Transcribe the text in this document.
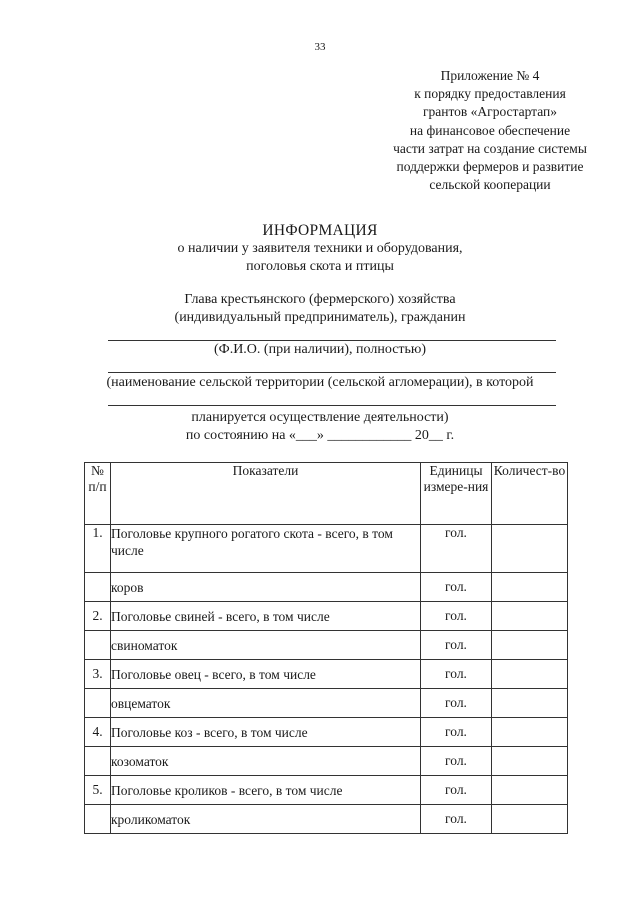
33
Приложение № 4
к порядку предоставления
грантов «Агростартап»
на финансовое обеспечение
части затрат на создание системы
поддержки фермеров и развитие
сельской кооперации
ИНФОРМАЦИЯ
о наличии у заявителя техники и оборудования,
поголовья скота и птицы
Глава крестьянского (фермерского) хозяйства
(индивидуальный предприниматель), гражданин
(Ф.И.О. (при наличии), полностью)
(наименование сельской территории (сельской агломерации), в которой
планируется осуществление деятельности)
по состоянию на «___» ____________ 20__ г.
№ п/п	Показатели	Единицы измере-ния	Количест-во
1.	Поголовье крупного рогатого скота - всего, в том числе	гол.	
	коров	гол.	
2.	Поголовье свиней - всего, в том числе	гол.	
	свиноматок	гол.	
3.	Поголовье овец - всего, в том числе	гол.	
	овцематок	гол.	
4.	Поголовье коз - всего, в том числе	гол.	
	козоматок	гол.	
5.	Поголовье кроликов - всего, в том числе	гол.	
	кроликоматок	гол.	
